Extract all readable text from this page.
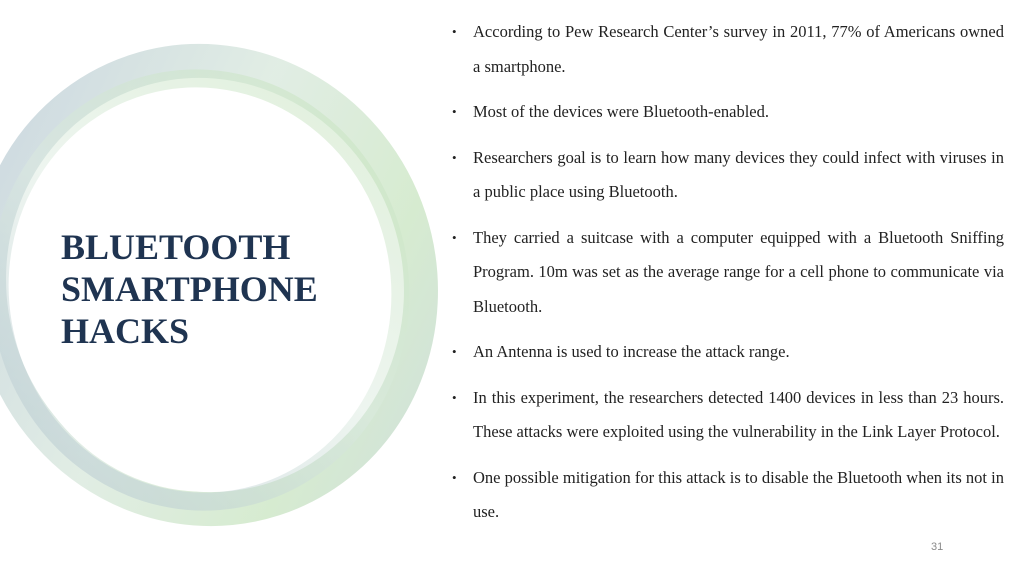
BLUETOOTH
SMARTPHONE
HACKS
• According to Pew Research Center’s survey in 2011, 77% of Americans owned a smartphone.
• Most of the devices were Bluetooth-enabled.
• Researchers goal is to learn how many devices they could infect with viruses in a public place using Bluetooth.
• They carried a suitcase with a computer equipped with a Bluetooth Sniffing Program. 10m was set as the average range for a cell phone to communicate via Bluetooth.
• An Antenna is used to increase the attack range.
• In this experiment, the researchers detected 1400 devices in less than 23 hours. These attacks were exploited using the vulnerability in the Link Layer Protocol.
• One possible mitigation for this attack is to disable the Bluetooth when its not in use.
31
